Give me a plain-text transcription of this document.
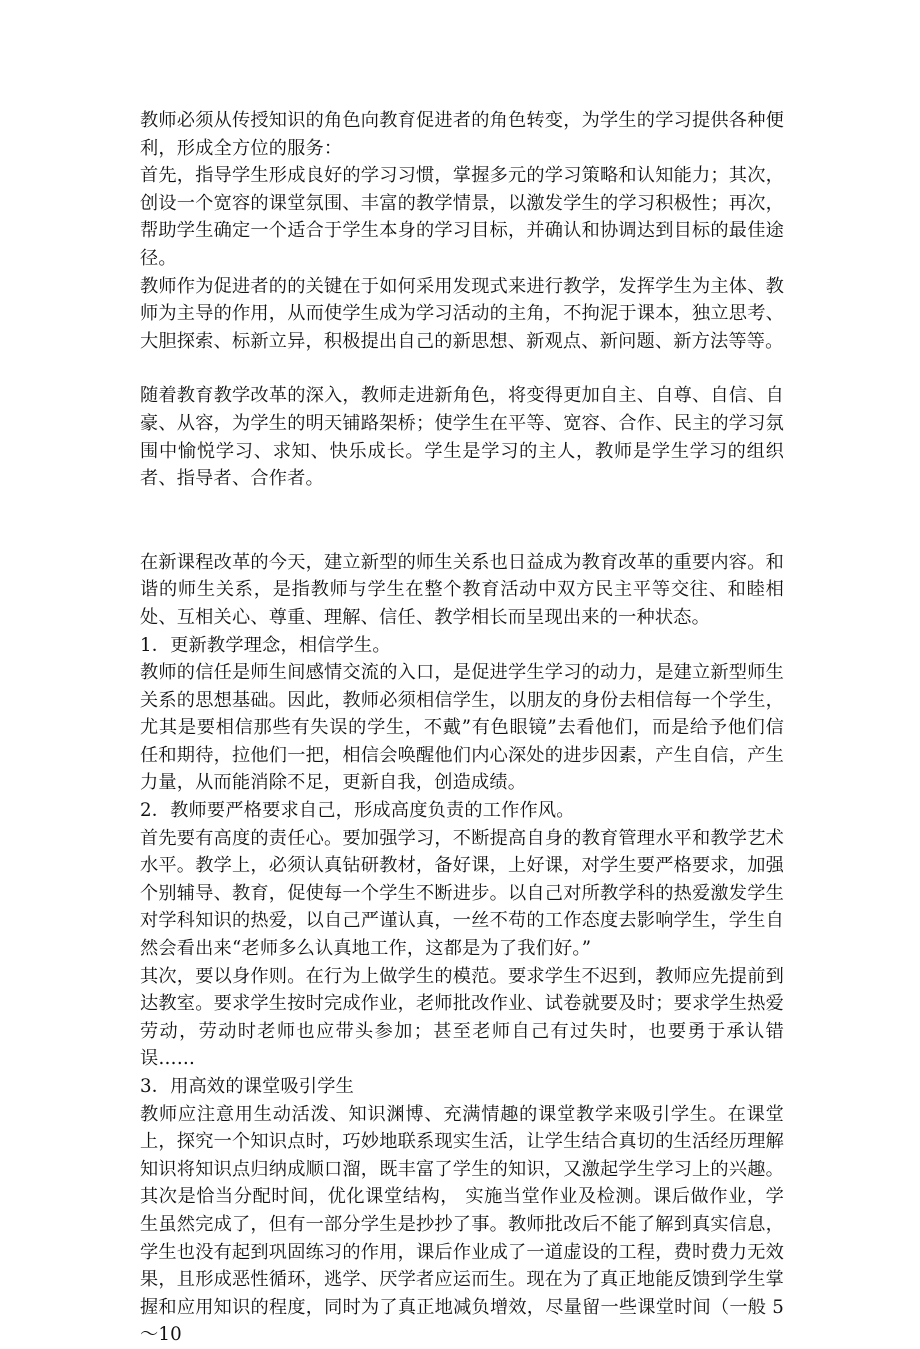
教师必须从传授知识的角色向教育促进者的角色转变，为学生的学习提供各种便利，形成全方位的服务：

首先，指导学生形成良好的学习习惯，掌握多元的学习策略和认知能力；其次，创设一个宽容的课堂氛围、丰富的教学情景，以激发学生的学习积极性；再次，帮助学生确定一个适合于学生本身的学习目标，并确认和协调达到目标的最佳途径。

教师作为促进者的的关键在于如何采用发现式来进行教学，发挥学生为主体、教师为主导的作用，从而使学生成为学习活动的主角，不拘泥于课本，独立思考、大胆探索、标新立异，积极提出自己的新思想、新观点、新问题、新方法等等。

随着教育教学改革的深入，教师走进新角色，将变得更加自主、自尊、自信、自豪、从容，为学生的明天铺路架桥；使学生在平等、宽容、合作、民主的学习氛围中愉悦学习、求知、快乐成长。学生是学习的主人，教师是学生学习的组织者、指导者、合作者。

在新课程改革的今天，建立新型的师生关系也日益成为教育改革的重要内容。和谐的师生关系，是指教师与学生在整个教育活动中双方民主平等交往、和睦相处、互相关心、尊重、理解、信任、教学相长而呈现出来的一种状态。

1．更新教学理念，相信学生。

教师的信任是师生间感情交流的入口，是促进学生学习的动力，是建立新型师生关系的思想基础。因此，教师必须相信学生，以朋友的身份去相信每一个学生，尤其是要相信那些有失误的学生，不戴”有色眼镜”去看他们，而是给予他们信任和期待，拉他们一把，相信会唤醒他们内心深处的进步因素，产生自信，产生力量，从而能消除不足，更新自我，创造成绩。

2．教师要严格要求自己，形成高度负责的工作作风。

首先要有高度的责任心。要加强学习，不断提高自身的教育管理水平和教学艺术水平。教学上，必须认真钻研教材，备好课，上好课，对学生要严格要求，加强个别辅导、教育，促使每一个学生不断进步。以自己对所教学科的热爱激发学生对学科知识的热爱，以自己严谨认真，一丝不苟的工作态度去影响学生，学生自然会看出来“老师多么认真地工作，这都是为了我们好。”

其次，要以身作则。在行为上做学生的模范。要求学生不迟到，教师应先提前到达教室。要求学生按时完成作业，老师批改作业、试卷就要及时；要求学生热爱劳动，劳动时老师也应带头参加；甚至老师自己有过失时，也要勇于承认错误……

3．用高效的课堂吸引学生

教师应注意用生动活泼、知识渊博、充满情趣的课堂教学来吸引学生。在课堂上，探究一个知识点时，巧妙地联系现实生活，让学生结合真切的生活经历理解知识将知识点归纳成顺口溜，既丰富了学生的知识，又激起学生学习上的兴趣。其次是恰当分配时间，优化课堂结构， 实施当堂作业及检测。课后做作业，学生虽然完成了，但有一部分学生是抄抄了事。教师批改后不能了解到真实信息，学生也没有起到巩固练习的作用，课后作业成了一道虚设的工程，费时费力无效果，且形成恶性循环，逃学、厌学者应运而生。现在为了真正地能反馈到学生掌握和应用知识的程度，同时为了真正地减负增效，尽量留一些课堂时间（一般 5～10
